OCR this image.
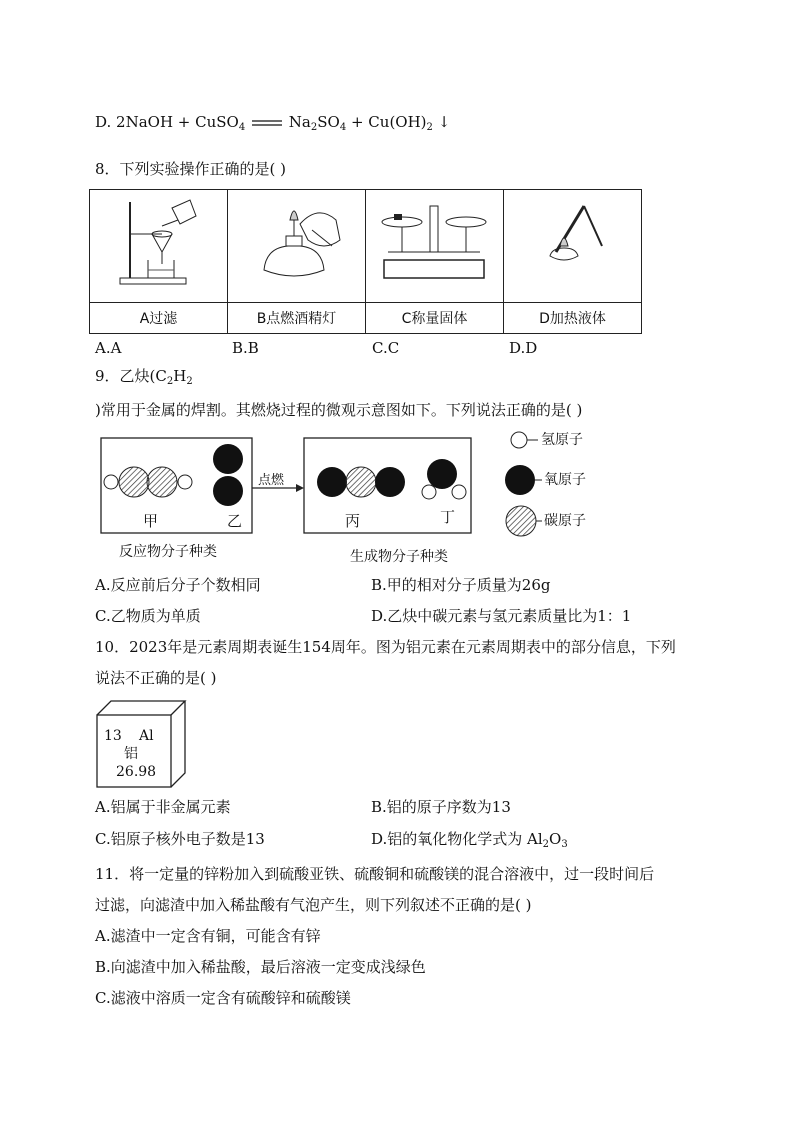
D. 2NaOH + CuSO$_4$	$Na_2SO_4 + Cu(OH)_2$ ↓
8．下列实验操作正确的是( )

A过滤	B点燃酒精灯	C称量固体	D加热液体
A.A	B.B	C.C	D.D
9．乙炔($C_2H_2$
)常用于金属的焊割。其燃烧过程的微观示意图如下。下列说法正确的是( )
甲	乙
点燃
丙	丁
氢原子
氧原子
碳原子
反应物分子种类	生成物分子种类
A.反应前后分子个数相同	B.甲的相对分子质量为26g
C.乙物质为单质	D.乙炔中碳元素与氢元素质量比为1：1
10．2023年是元素周期表诞生154周年。图为铝元素在元素周期表中的部分信息，下列
说法不正确的是( )
13 Al
铝
26.98
A.铝属于非金属元素	B.铝的原子序数为13
C.铝原子核外电子数是13	D.铝的氧化物化学式为 $Al_2O_3$
11．将一定量的锌粉加入到硫酸亚铁、硫酸铜和硫酸镁的混合溶液中，过一段时间后
过滤，向滤渣中加入稀盐酸有气泡产生，则下列叙述不正确的是( )
A.滤渣中一定含有铜，可能含有锌
B.向滤渣中加入稀盐酸，最后溶液一定变成浅绿色
C.滤液中溶质一定含有硫酸锌和硫酸镁
